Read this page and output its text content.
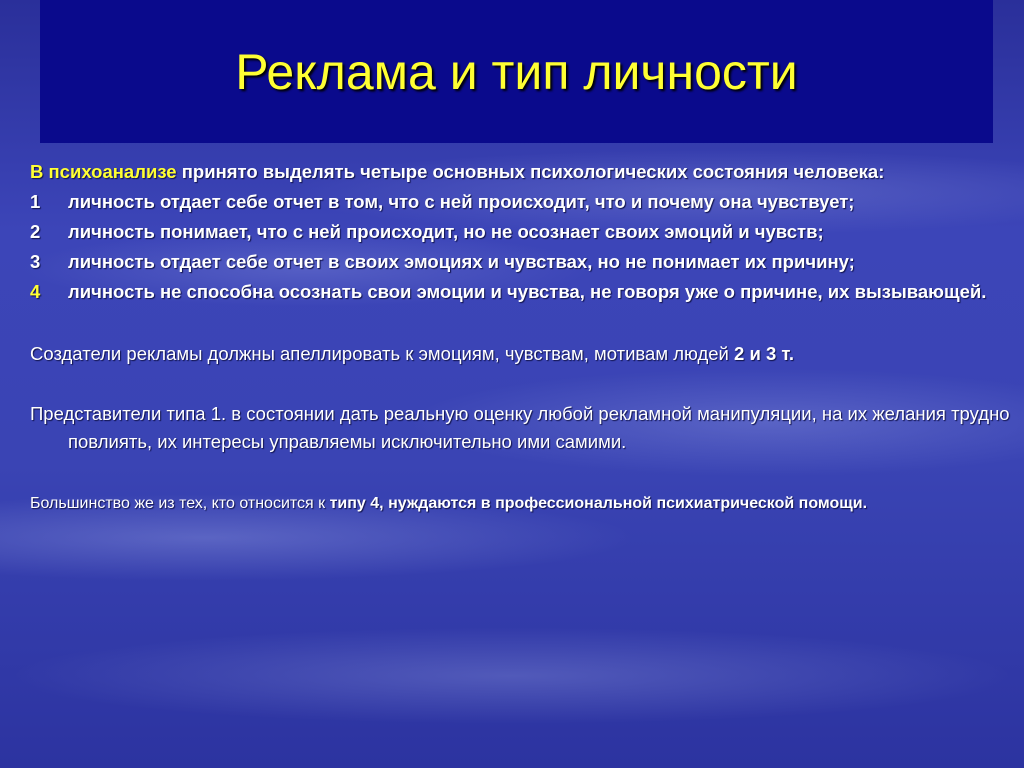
Реклама и тип личности

В психоанализе принято выделять четыре основных психологических состояния человека:

1 личность отдает себе отчет в том, что с ней происходит, что и почему она чувствует;

2 личность понимает, что с ней происходит, но не осознает своих эмоций и чувств;

3 личность отдает себе отчет в своих эмоциях и чувствах, но не понимает их причину;

4 личность не способна осознать свои эмоции и чувства, не говоря уже о причине, их вызывающей.

Создатели рекламы должны апеллировать к эмоциям, чувствам, мотивам людей 2 и 3 т.

Представители типа 1. в состоянии дать реальную оценку любой рекламной манипуляции, на их желания трудно повлиять, их интересы управляемы исключительно ими самими.

Большинство же из тех, кто относится к типу 4, нуждаются в профессиональной психиатрической помощи.
